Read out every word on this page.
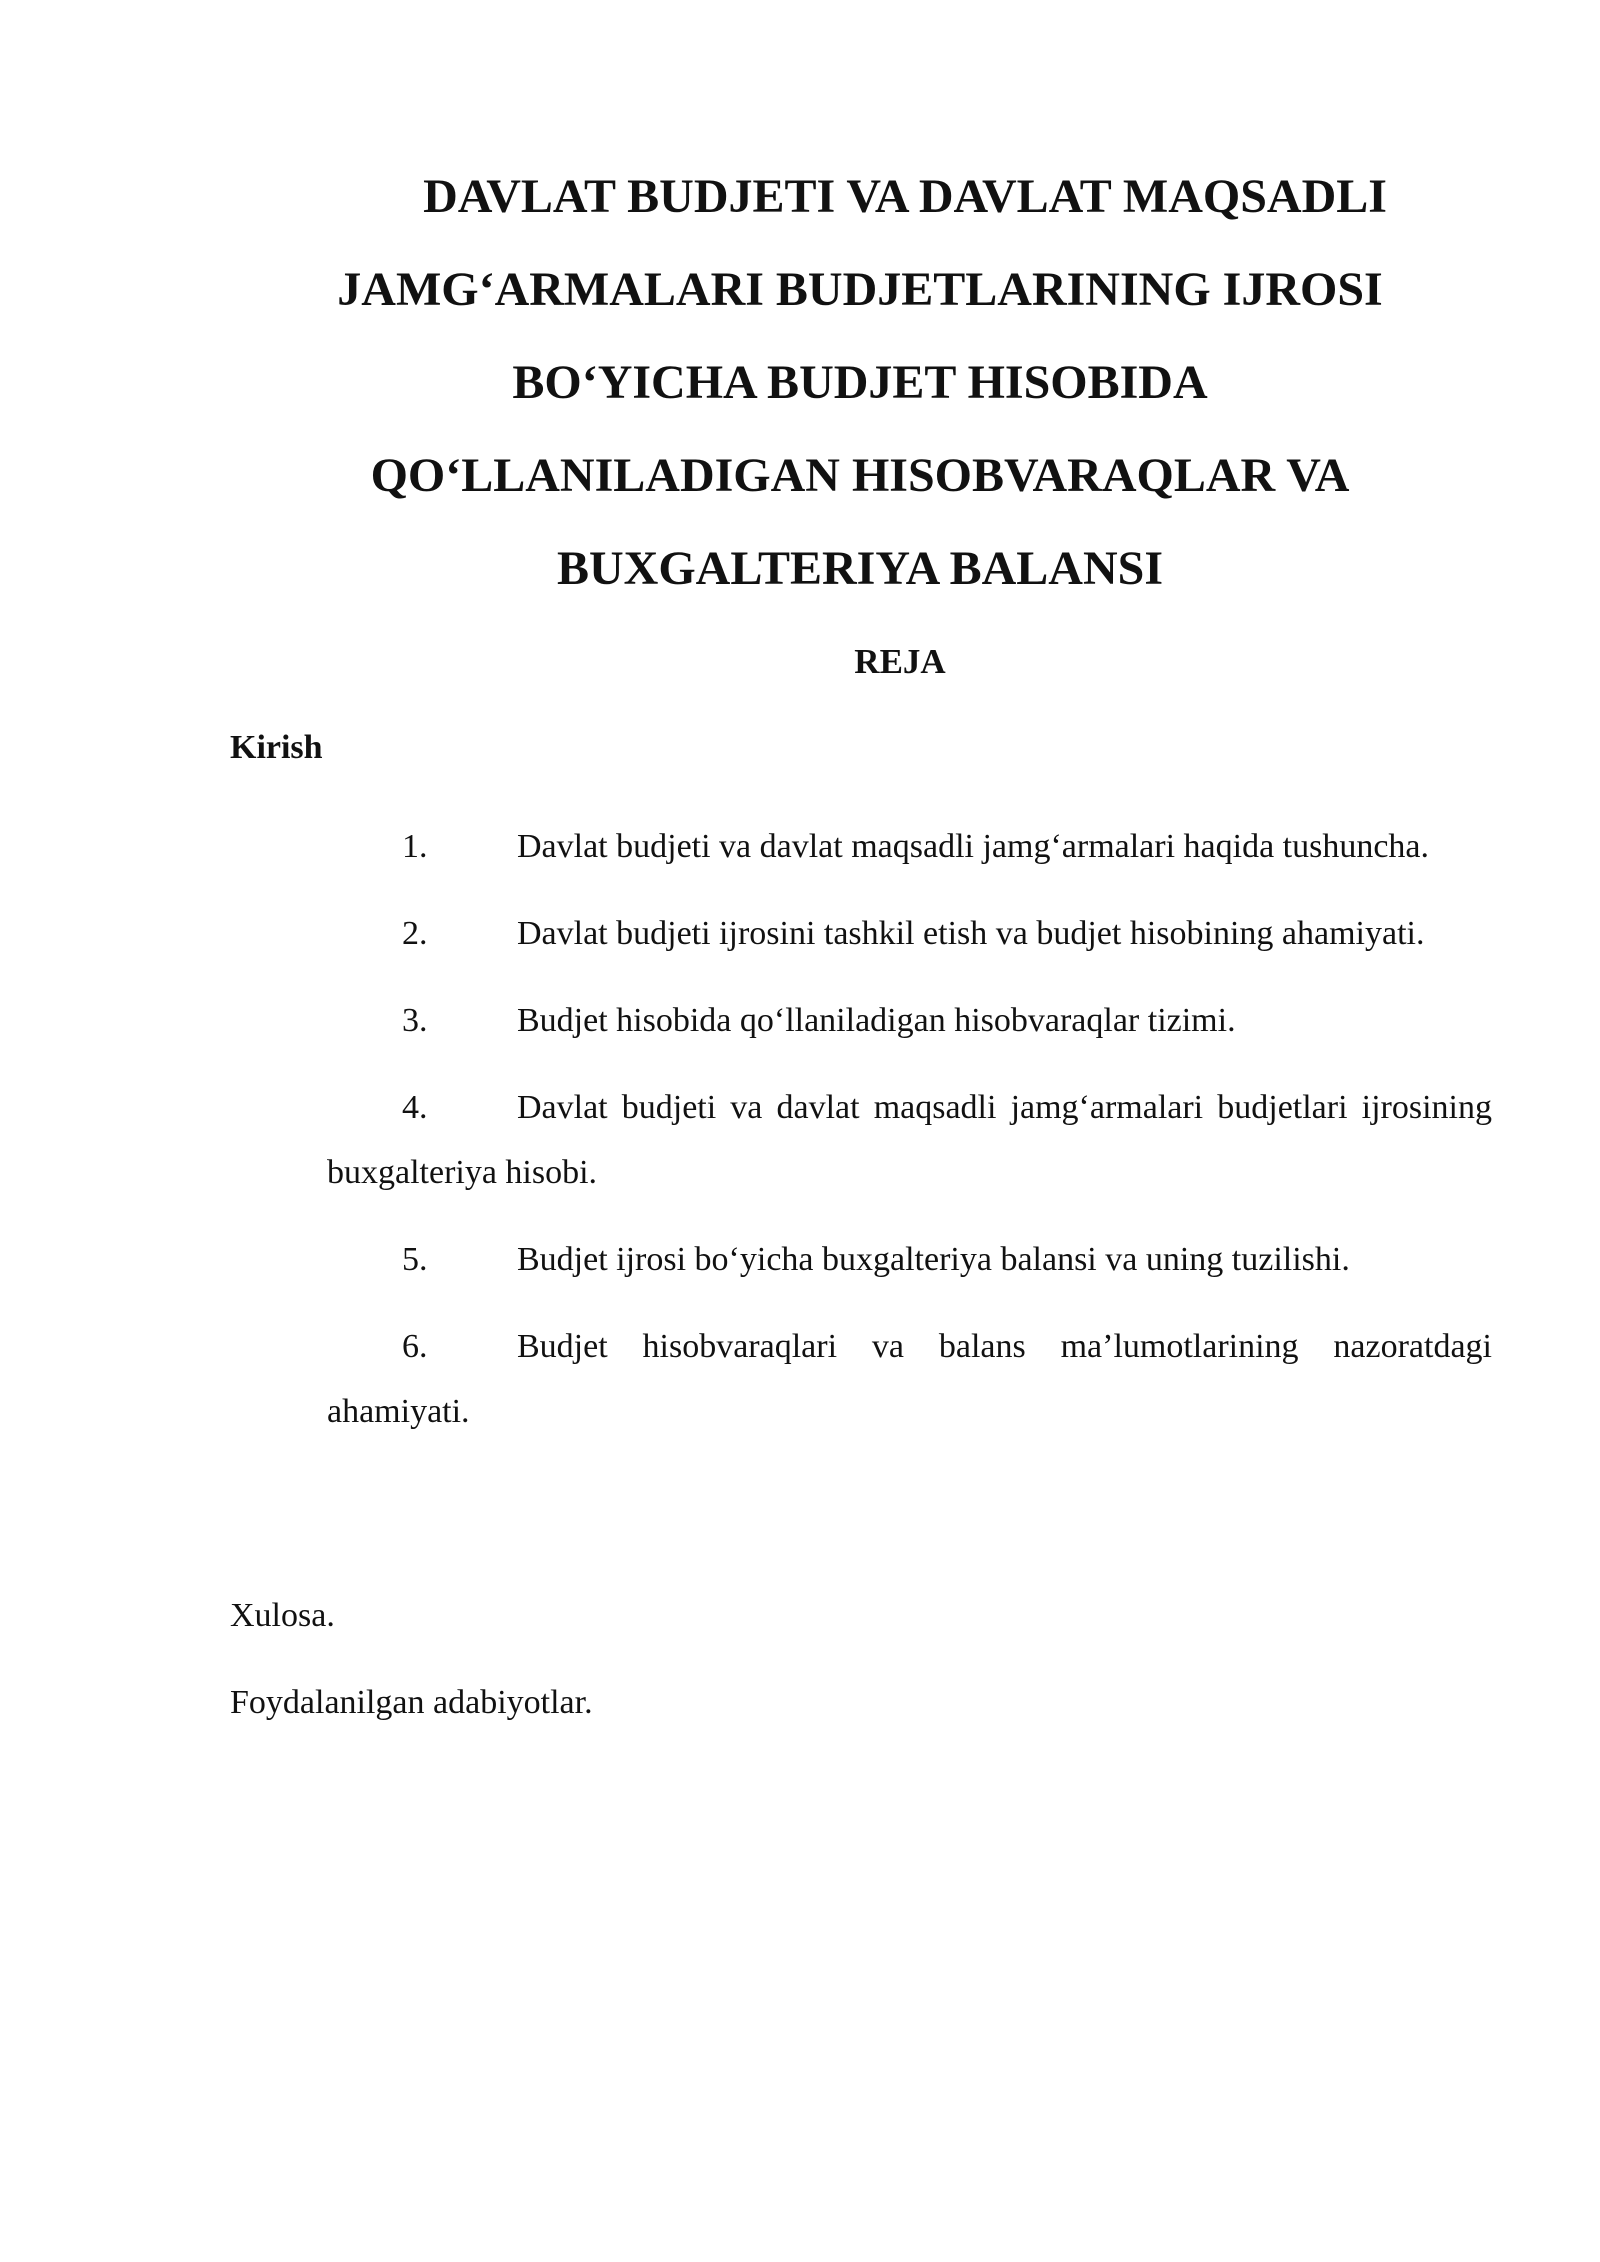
DAVLAT BUDJETI VA DAVLAT MAQSADLI
JAMG‘ARMALARI BUDJETLARINING IJROSI
BO‘YICHA BUDJET HISOBIDA
QO‘LLANILADIGAN HISOBVARAQLAR VA
BUXGALTERIYA BALANSI

REJA

Kirish

1.	Davlat budjeti va davlat maqsadli jamg‘armalari haqida tushuncha.
2.	Davlat budjeti ijrosini tashkil etish va budjet hisobining ahamiyati.
3.	Budjet hisobida qo‘llaniladigan hisobvaraqlar tizimi.
4.	Davlat budjeti va davlat maqsadli jamg‘armalari budjetlari ijrosining buxgalteriya hisobi.
5.	Budjet ijrosi bo‘yicha buxgalteriya balansi va uning tuzilishi.
6.	Budjet hisobvaraqlari va balans ma’lumotlarining nazoratdagi ahamiyati.

Xulosa.

Foydalanilgan adabiyotlar.
